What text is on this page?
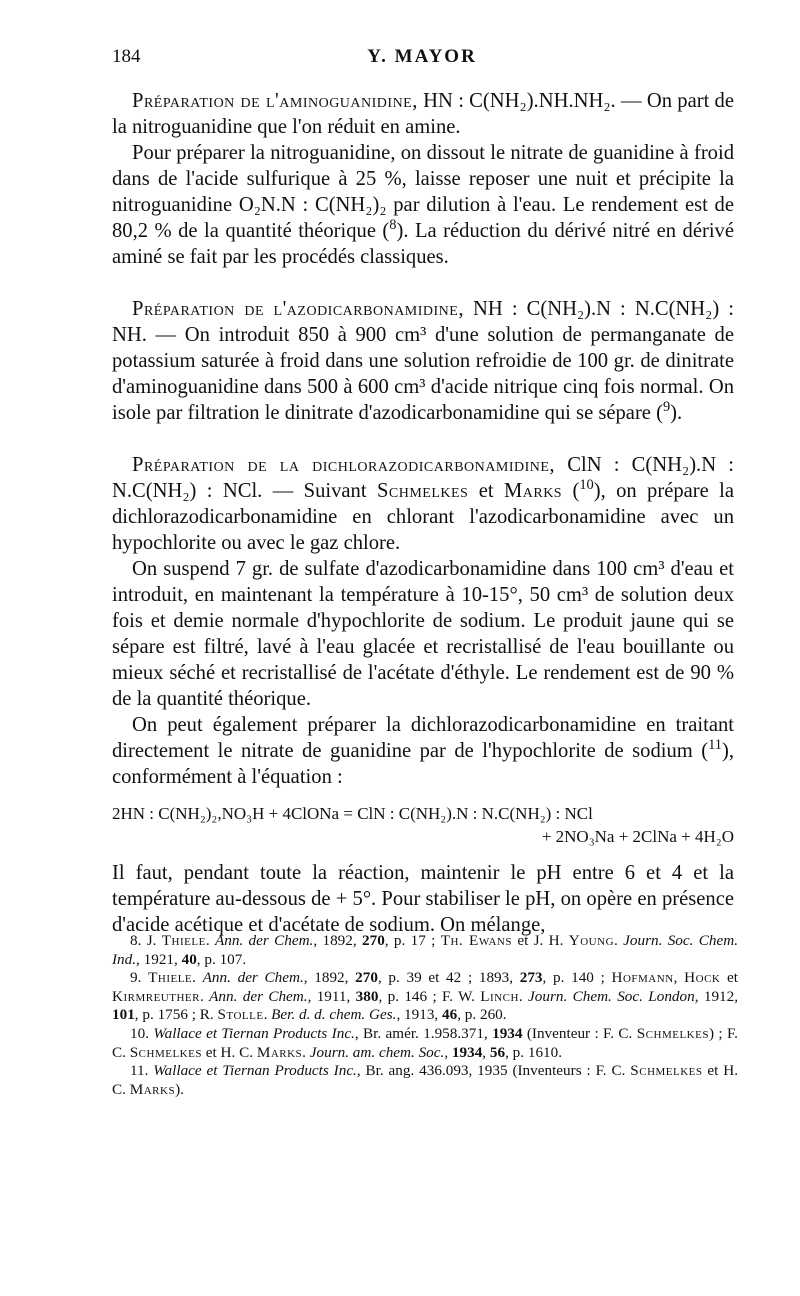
184	Y. MAYOR

Préparation de l'aminoguanidine, HN : C(NH₂).NH.NH₂. — On part de la nitroguanidine que l'on réduit en amine.

Pour préparer la nitroguanidine, on dissout le nitrate de guanidine à froid dans de l'acide sulfurique à 25 %, laisse reposer une nuit et précipite la nitroguanidine O₂N.N : C(NH₂)₂ par dilution à l'eau. Le rendement est de 80,2 % de la quantité théorique ($^8$). La réduction du dérivé nitré en dérivé aminé se fait par les procédés classiques.

Préparation de l'azodicarbonamidine, NH : C(NH₂).N : N.C(NH₂) : NH. — On introduit 850 à 900 cm³ d'une solution de permanganate de potassium saturée à froid dans une solution refroidie de 100 gr. de dinitrate d'aminoguanidine dans 500 à 600 cm³ d'acide nitrique cinq fois normal. On isole par filtration le dinitrate d'azodicarbonamidine qui se sépare ($^9$).

Préparation de la dichlorazodicarbonamidine, ClN : C(NH₂).N : N.C(NH₂) : NCl. — Suivant Schmelkes et Marks ($^{10}$), on prépare la dichlorazodicarbonamidine en chlorant l'azodicarbonamidine avec un hypochlorite ou avec le gaz chlore.

On suspend 7 gr. de sulfate d'azodicarbonamidine dans 100 cm³ d'eau et introduit, en maintenant la température à 10-15°, 50 cm³ de solution deux fois et demie normale d'hypochlorite de sodium. Le produit jaune qui se sépare est filtré, lavé à l'eau glacée et recristallisé de l'eau bouillante ou mieux séché et recristallisé de l'acétate d'éthyle. Le rendement est de 90 % de la quantité théorique.

On peut également préparer la dichlorazodicarbonamidine en traitant directement le nitrate de guanidine par de l'hypochlorite de sodium ($^{11}$), conformément à l'équation :

2HN : C(NH₂)₂,NO₃H + 4ClONa = ClN : C(NH₂).N : N.C(NH₂) : NCl
+ 2NO₃Na + 2ClNa + 4H₂O

Il faut, pendant toute la réaction, maintenir le pH entre 6 et 4 et la température au-dessous de + 5°. Pour stabiliser le pH, on opère en présence d'acide acétique et d'acétate de sodium. On mélange,

8. J. Thiele. Ann. der Chem., 1892, 270, p. 17 ; Th. Ewans et J. H. Young. Journ. Soc. Chem. Ind., 1921, 40, p. 107.

9. Thiele. Ann. der Chem., 1892, 270, p. 39 et 42 ; 1893, 273, p. 140 ; Hofmann, Hock et Kirmreuther. Ann. der Chem., 1911, 380, p. 146 ; F. W. Linch. Journ. Chem. Soc. London, 1912, 101, p. 1756 ; R. Stolle. Ber. d. d. chem. Ges., 1913, 46, p. 260.

10. Wallace et Tiernan Products Inc., Br. amér. 1.958.371, 1934 (Inventeur : F. C. Schmelkes) ; F. C. Schmelkes et H. C. Marks. Journ. am. chem. Soc., 1934, 56, p. 1610.

11. Wallace et Tiernan Products Inc., Br. ang. 436.093, 1935 (Inventeurs : F. C. Schmelkes et H. C. Marks).
